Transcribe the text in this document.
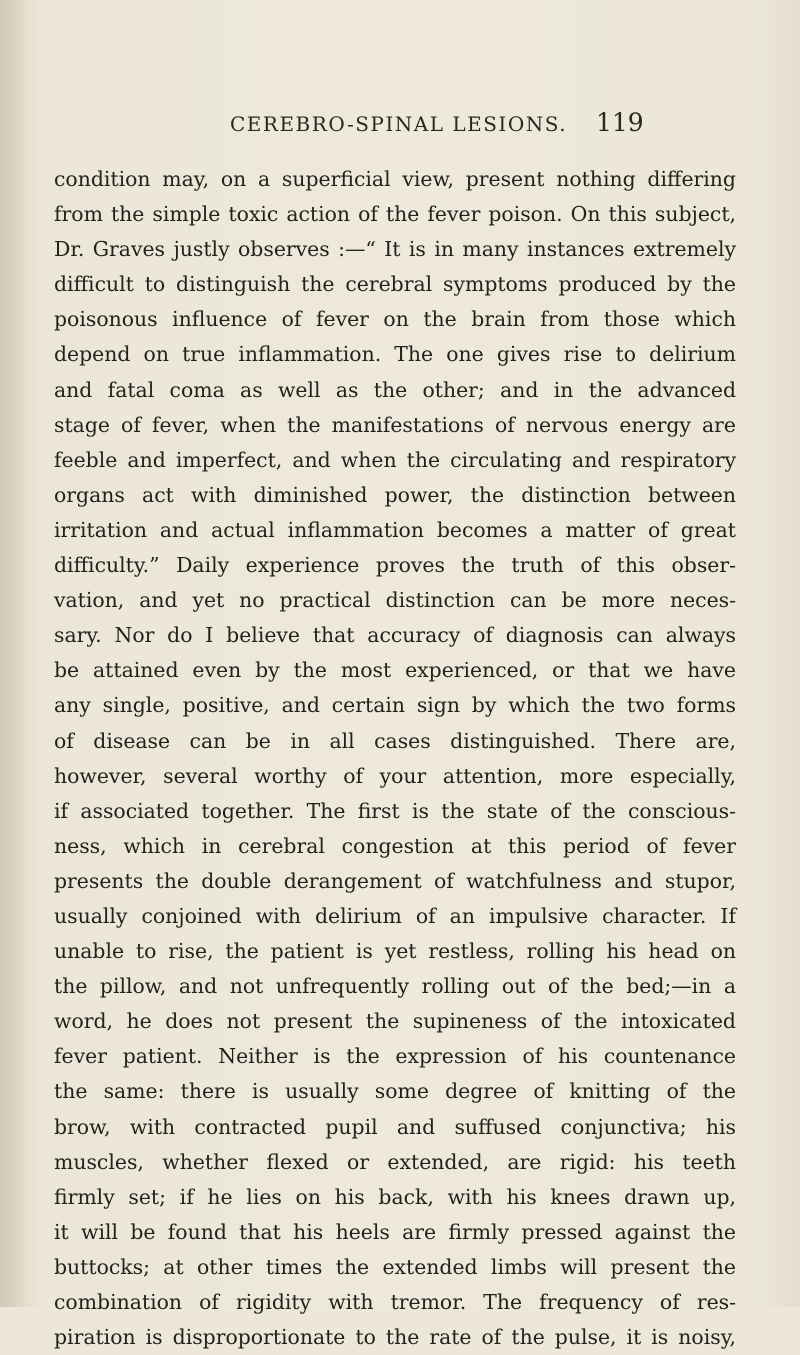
CEREBRO-SPINAL LESIONS. 119
condition may, on a superficial view, present nothing differing
from the simple toxic action of the fever poison. On this subject,
Dr. Graves justly observes :—“ It is in many instances extremely
difficult to distinguish the cerebral symptoms produced by the
poisonous influence of fever on the brain from those which
depend on true inflammation. The one gives rise to delirium
and fatal coma as well as the other; and in the advanced
stage of fever, when the manifestations of nervous energy are
feeble and imperfect, and when the circulating and respiratory
organs act with diminished power, the distinction between
irritation and actual inflammation becomes a matter of great
difficulty.” Daily experience proves the truth of this obser-
vation, and yet no practical distinction can be more neces-
sary. Nor do I believe that accuracy of diagnosis can always
be attained even by the most experienced, or that we have
any single, positive, and certain sign by which the two forms
of disease can be in all cases distinguished. There are,
however, several worthy of your attention, more especially,
if associated together. The first is the state of the conscious-
ness, which in cerebral congestion at this period of fever
presents the double derangement of watchfulness and stupor,
usually conjoined with delirium of an impulsive character. If
unable to rise, the patient is yet restless, rolling his head on
the pillow, and not unfrequently rolling out of the bed;—in a
word, he does not present the supineness of the intoxicated
fever patient. Neither is the expression of his countenance
the same: there is usually some degree of knitting of the
brow, with contracted pupil and suffused conjunctiva; his
muscles, whether flexed or extended, are rigid: his teeth
firmly set; if he lies on his back, with his knees drawn up,
it will be found that his heels are firmly pressed against the
buttocks; at other times the extended limbs will present the
combination of rigidity with tremor. The frequency of res-
piration is disproportionate to the rate of the pulse, it is noisy,
